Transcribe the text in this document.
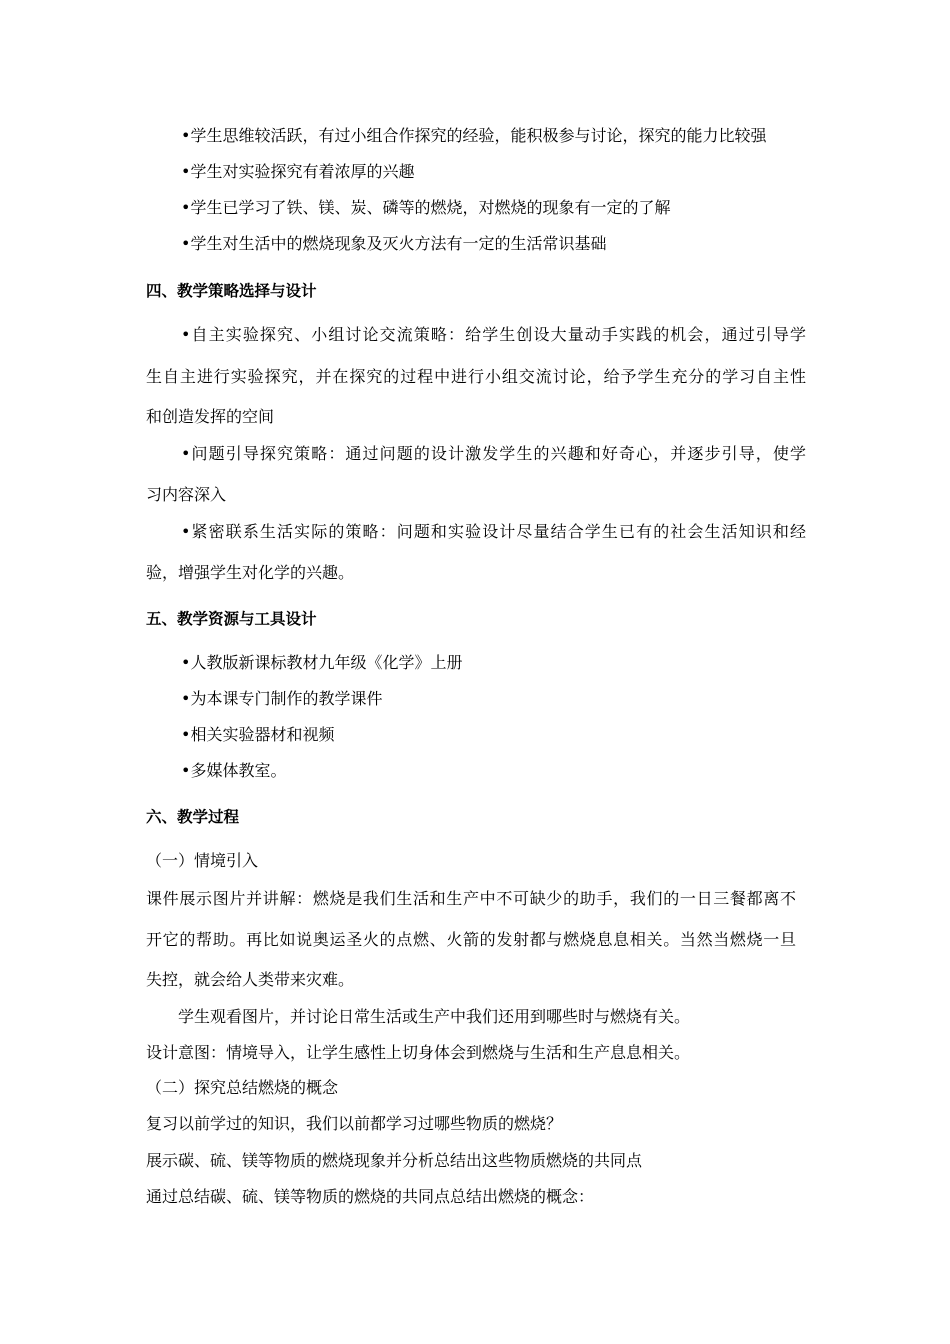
•学生思维较活跃，有过小组合作探究的经验，能积极参与讨论，探究的能力比较强
•学生对实验探究有着浓厚的兴趣
•学生已学习了铁、镁、炭、磷等的燃烧，对燃烧的现象有一定的了解
•学生对生活中的燃烧现象及灭火方法有一定的生活常识基础
四、教学策略选择与设计
•自主实验探究、小组讨论交流策略：给学生创设大量动手实践的机会，通过引导学
生自主进行实验探究，并在探究的过程中进行小组交流讨论，给予学生充分的学习自主性
和创造发挥的空间
•问题引导探究策略：通过问题的设计激发学生的兴趣和好奇心，并逐步引导，使学
习内容深入
•紧密联系生活实际的策略：问题和实验设计尽量结合学生已有的社会生活知识和经
验，增强学生对化学的兴趣。
五、教学资源与工具设计
•人教版新课标教材九年级《化学》上册
•为本课专门制作的教学课件
•相关实验器材和视频
•多媒体教室。
六、教学过程
（一）情境引入
课件展示图片并讲解：燃烧是我们生活和生产中不可缺少的助手，我们的一日三餐都离不
开它的帮助。再比如说奥运圣火的点燃、火箭的发射都与燃烧息息相关。当然当燃烧一旦
失控，就会给人类带来灾难。
学生观看图片，并讨论日常生活或生产中我们还用到哪些时与燃烧有关。
设计意图：情境导入，让学生感性上切身体会到燃烧与生活和生产息息相关。
（二）探究总结燃烧的概念
复习以前学过的知识，我们以前都学习过哪些物质的燃烧？
展示碳、硫、镁等物质的燃烧现象并分析总结出这些物质燃烧的共同点
通过总结碳、硫、镁等物质的燃烧的共同点总结出燃烧的概念：
